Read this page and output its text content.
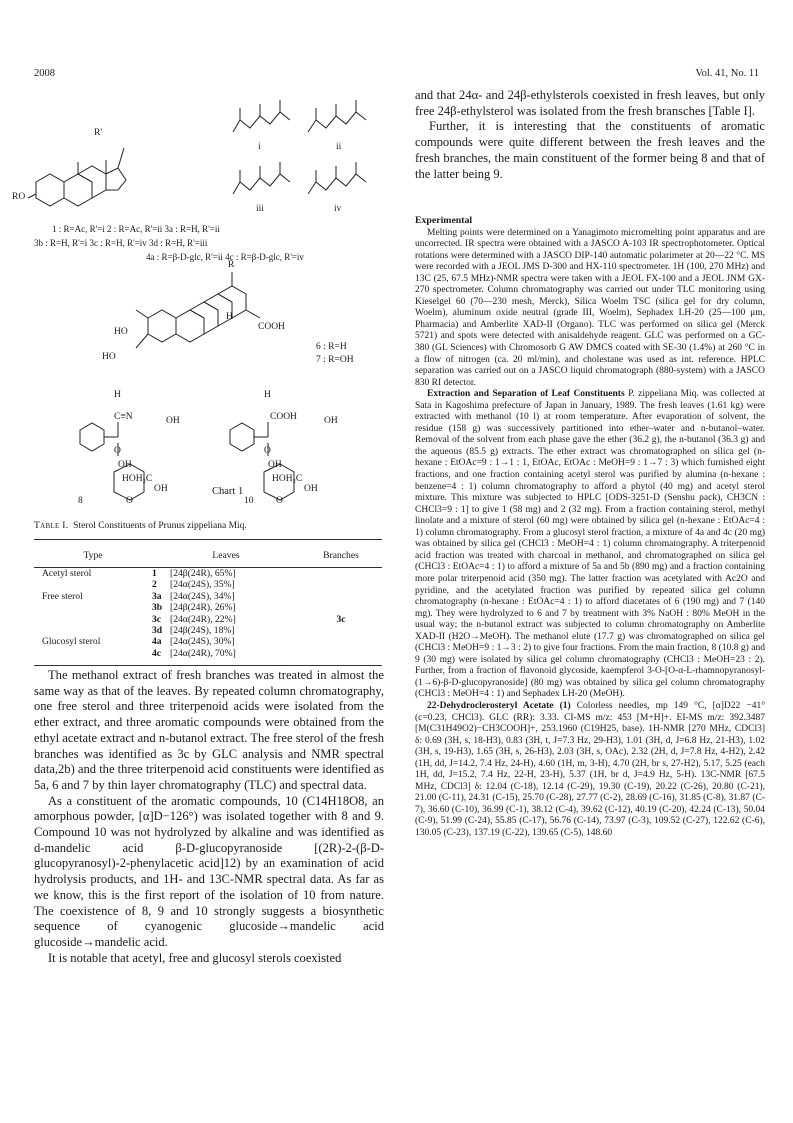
2008	Vol. 41, No. 11
R'
RO
i	ii
iii	iv
1 : R=Ac, R'=i 2 : R=Ac, R'=ii 3a : R=H, R'=ii
3b : R=H, R'=i 3c : R=H, R'=iv 3d : R=H, R'=iii
4a : R=β-D-glc, R'=ii 4c : R=β-D-glc, R'=iv
R
H
COOH
HO
HO
6 : R=H
7 : R=OH
H
C≡N	OH
O
OH
HOH₂C
OH
O
8
H
COOH	OH
O
OH
HOH₂C
OH
O
10
Chart 1
Table I. Sterol Constituents of Prunus zippeliana Miq.
Type	Leaves	Branches
Acetyl sterol	1 [24β(24R), 65%]	
	2 [24α(24S), 35%]	
Free sterol	3a [24α(24S), 34%]	
	3b [24β(24R), 26%]	
	3c [24α(24R), 22%]	3c
	3d [24β(24S), 18%]	
Glucosyl sterol	4a [24α(24S), 30%]	
	4c [24α(24R), 70%]	

The methanol extract of fresh branches was treated in almost the same way as that of the leaves. By repeated column chromatography, one free sterol and three triterpenoid acids were isolated from the ether extract, and three aromatic compounds were obtained from the ethyl acetate extract and n-butanol extract. The free sterol of the fresh branches was identified as 3c by GLC analysis and NMR spectral data,2b) and the three triterpenoid acid constituents were identified as 5a, 6 and 7 by thin layer chromatography (TLC) and spectral data.

As a constituent of the aromatic compounds, 10 (C14H18O8, an amorphous powder, [α]D−126°) was isolated together with 8 and 9. Compound 10 was not hydrolyzed by alkaline and was identified as d-mandelic acid β-D-glucopyranoside [(2R)-2-(β-D-glucopyranosyl)-2-phenylacetic acid]12) by an examination of acid hydrolysis products, and 1H- and 13C-NMR spectral data. As far as we know, this is the first report of the isolation of 10 from nature. The coexistence of 8, 9 and 10 strongly suggests a biosynthetic sequence of cyanogenic glucoside→mandelic acid glucoside→mandelic acid.

It is notable that acetyl, free and glucosyl sterols coexisted

and that 24α- and 24β-ethylsterols coexisted in fresh leaves, but only free 24β-ethylsterol was isolated from the fresh bransches [Table I].

Further, it is interesting that the constituents of aromatic compounds were quite different between the fresh leaves and the fresh branches, the main constituent of the former being 8 and that of the latter being 9.

Experimental

Melting points were determined on a Yanagimoto micromelting point apparatus and are uncorrected. IR spectra were obtained with a JASCO A-103 IR spectrophotometer. Optical rotations were determined with a JASCO DIP-140 automatic polarimeter at 20—22 °C. MS were recorded with a JEOL JMS D-300 and HX-110 spectrometer. 1H (100, 270 MHz) and 13C (25, 67.5 MHz)-NMR spectra were taken with a JEOL FX-100 and a JEOL JNM GX-270 spectrometer. Column chromatography was carried out under TLC monitoring using Kieselgel 60 (70—230 mesh, Merck), Silica Woelm TSC (silica gel for dry column, Woelm), aluminum oxide neutral (grade III, Woelm), Sephadex LH-20 (25—100 μm, Pharmacia) and Amberlite XAD-II (Organo). TLC was performed on silica gel (Merck 5721) and spots were detected with anisaldehyde reagent. GLC was performed on a GC-380 (GL Sciences) with Chromosorb G AW DMCS coated with SE-30 (1.4%) at 260 °C in a flow of nitrogen (ca. 20 ml/min), and cholestane was used as int. reference. HPLC separation was carried out on a JASCO liquid chromatograph (880-system) with a JASCO 830 RI detector.

Extraction and Separation of Leaf Constituents P. zippeliana Miq. was collected at Sata in Kagoshima prefecture of Japan in January, 1989. The fresh leaves (1.61 kg) were extracted with methanol (10 l) at room temperature. After evaporation of solvent, the residue (158 g) was successively partitioned into ether–water and n-butanol–water. Removal of the solvent from each phase gave the ether (36.2 g), the n-butanol (36.3 g) and the aqueous (85.5 g) extracts. The ether extract was chromatographed on silica gel (n-hexane : EtOAc=9 : 1→1 : 1, EtOAc, EtOAc : MeOH=9 : 1→7 : 3) which furnished eight fractions, and one fraction containing acetyl sterol was purified by alumina (n-hexane : benzene=4 : 1) column chromatography to afford a phytol (40 mg) and acetyl sterol mixture. This mixture was subjected to HPLC [ODS-3251-D (Senshu pack), CH3CN : CHCl3=9 : 1] to give 1 (58 mg) and 2 (32 mg). From a fraction containing sterol, methyl linolate and a mixture of sterol (60 mg) were obtained by silica gel (n-hexane : EtOAc=4 : 1) column chromatography. From a glucosyl sterol fraction, a mixture of 4a and 4c (20 mg) was obtained by silica gel (CHCl3 : MeOH=4 : 1) column chromatography. A triterpenoid acid fraction was treated with charcoal in methanol, and chromatographed on silica gel (CHCl3 : EtOAc=4 : 1) to afford a mixture of 5a and 5b (890 mg) and a fraction containing more polar triterpenoid acid (350 mg). The latter fraction was acetylated with Ac2O and pyridine, and the acetylated fraction was purified by repeated silica gel column chromatography (n-hexane : EtOAc=4 : 1) to afford diacetates of 6 (190 mg) and 7 (140 mg). They were hydrolyzed to 6 and 7 by treatment with 3% NaOH : 80% MeOH in the usual way; the n-butanol extract was subjected to column chromatography on Amberlite XAD-II (H2O→MeOH). The methanol elute (17.7 g) was chromatographed on silica gel (CHCl3 : MeOH=9 : 1→3 : 2) to give four fractions. From the main fraction, 8 (10.8 g) and 9 (30 mg) were isolated by silica gel column chromatography (CHCl3 : MeOH=23 : 2). Further, from a fraction of flavonoid glycoside, kaempferol 3-O-[O-α-L-rhamnopyranosyl-(1→6)-β-D-glucopyranoside] (80 mg) was obtained by silica gel column chromatography (CHCl3 : MeOH=4 : 1) and Sephadex LH-20 (MeOH).

22-Dehydroclerosteryl Acetate (1) Colorless needles, mp 149 °C, [α]D22 −41° (c=0.23, CHCl3). GLC (RR): 3.33. CI-MS m/z: 453 [M+H]+. EI-MS m/z: 392.3487 [M(C31H49O2)−CH3COOH]+, 253.1960 (C19H25, base). 1H-NMR [270 MHz, CDCl3] δ: 0.69 (3H, s, 18-H3), 0.83 (3H, t, J=7.3 Hz, 29-H3), 1.01 (3H, d, J=6.8 Hz, 21-H3), 1.02 (3H, s, 19-H3), 1.65 (3H, s, 26-H3), 2.03 (3H, s, OAc), 2.32 (2H, d, J=7.8 Hz, 4-H2), 2.42 (1H, dd, J=14.2, 7.4 Hz, 24-H), 4.60 (1H, m, 3-H), 4.70 (2H, br s, 27-H2), 5.17, 5.25 (each 1H, dd, J=15.2, 7.4 Hz, 22-H, 23-H), 5.37 (1H, br d, J=4.9 Hz, 5-H). 13C-NMR [67.5 MHz, CDCl3] δ: 12.04 (C-18), 12.14 (C-29), 19.30 (C-19), 20.22 (C-26), 20.80 (C-21), 21.00 (C-11), 24.31 (C-15), 25.70 (C-28), 27.77 (C-2), 28.69 (C-16), 31.85 (C-8), 31.87 (C-7), 36.60 (C-10), 36.99 (C-1), 38.12 (C-4), 39.62 (C-12), 40.19 (C-20), 42.24 (C-13), 50.04 (C-9), 51.99 (C-24), 55.85 (C-17), 56.76 (C-14), 73.97 (C-3), 109.52 (C-27), 122.62 (C-6), 130.05 (C-23), 137.19 (C-22), 139.65 (C-5), 148.60
